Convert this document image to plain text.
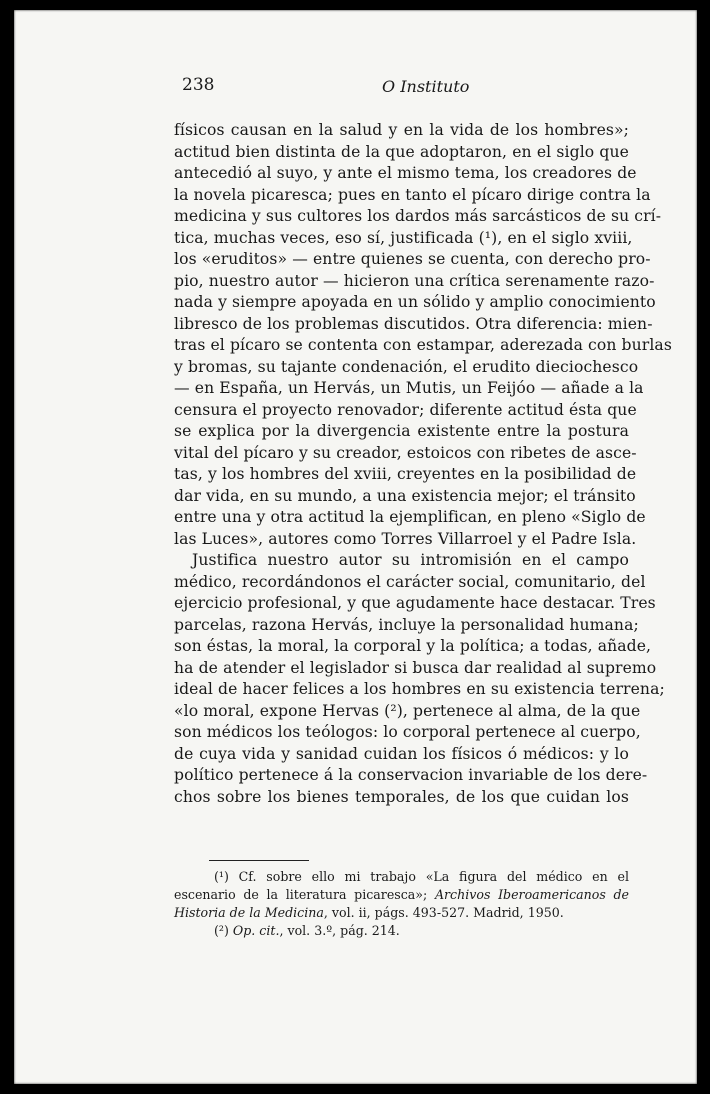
238	O Instituto
físicos causan en la salud y en la vida de los hombres»;
actitud bien distinta de la que adoptaron, en el siglo que
antecedió al suyo, y ante el mismo tema, los creadores de
la novela picaresca; pues en tanto el pícaro dirige contra la
medicina y sus cultores los dardos más sarcásticos de su crí-
tica, muchas veces, eso sí, justificada (¹), en el siglo xviii,
los «eruditos» — entre quienes se cuenta, con derecho pro-
pio, nuestro autor — hicieron una crítica serenamente razo-
nada y siempre apoyada en un sólido y amplio conocimiento
libresco de los problemas discutidos. Otra diferencia: mien-
tras el pícaro se contenta con estampar, aderezada con burlas
y bromas, su tajante condenación, el erudito dieciochesco
— en España, un Hervás, un Mutis, un Feijóo — añade a la
censura el proyecto renovador; diferente actitud ésta que
se explica por la divergencia existente entre la postura
vital del pícaro y su creador, estoicos con ribetes de asce-
tas, y los hombres del xviii, creyentes en la posibilidad de
dar vida, en su mundo, a una existencia mejor; el tránsito
entre una y otra actitud la ejemplifican, en pleno «Siglo de
las Luces», autores como Torres Villarroel y el Padre Isla.
Justifica nuestro autor su intromisión en el campo
médico, recordándonos el carácter social, comunitario, del
ejercicio profesional, y que agudamente hace destacar. Tres
parcelas, razona Hervás, incluye la personalidad humana;
son éstas, la moral, la corporal y la política; a todas, añade,
ha de atender el legislador si busca dar realidad al supremo
ideal de hacer felices a los hombres en su existencia terrena;
«lo moral, expone Hervas (²), pertenece al alma, de la que
son médicos los teólogos: lo corporal pertenece al cuerpo,
de cuya vida y sanidad cuidan los físicos ó médicos: y lo
político pertenece á la conservacion invariable de los dere-
chos sobre los bienes temporales, de los que cuidan los
(¹) Cf. sobre ello mi trabajo «La figura del médico en el
escenario de la literatura picaresca»; Archivos Iberoamericanos de
Historia de la Medicina, vol. ii, págs. 493-527. Madrid, 1950.
(²) Op. cit., vol. 3.º, pág. 214.
